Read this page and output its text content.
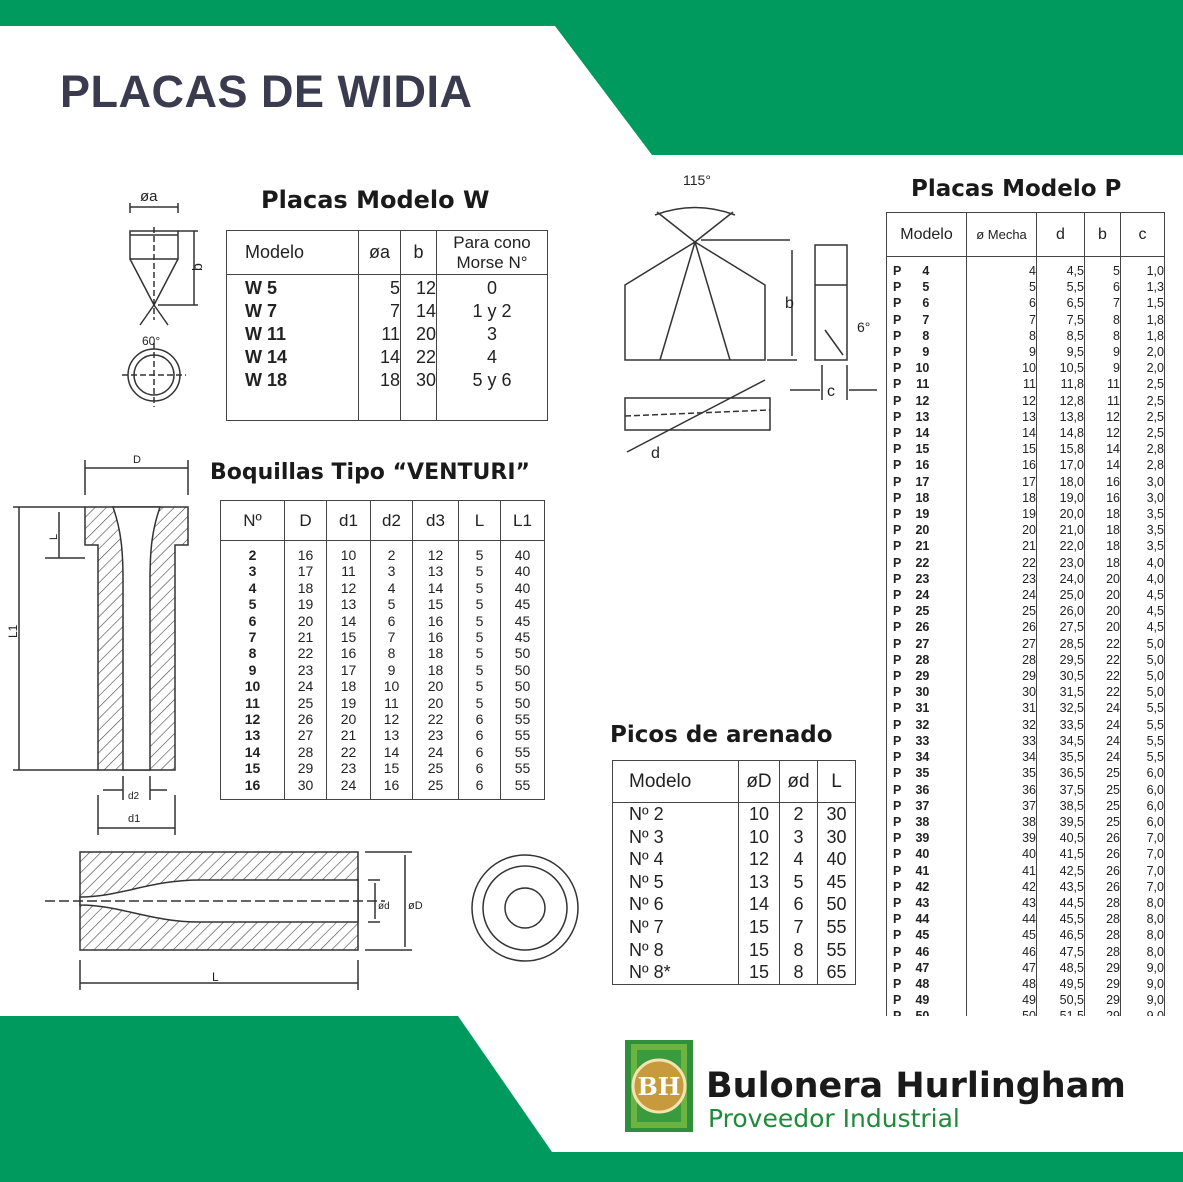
PLACAS DE WIDIA
øa
b
60°
Placas Modelo W
Modelo	øa	b	Para cono Morse N°
W 5	5	12	0
W 7	7	14	1 y 2
W 11	11	20	3
W 14	14	22	4
W 18	18	30	5 y 6
D
L
L1
d2
d1
Boquillas Tipo “VENTURI”
Nº	D	d1	d2	d3	L	L1
2	16	10	2	12	5	40
3	17	11	3	13	5	40
4	18	12	4	14	5	40
5	19	13	5	15	5	45
6	20	14	6	16	5	45
7	21	15	7	16	5	45
8	22	16	8	18	5	50
9	23	17	9	18	5	50
10	24	18	10	20	5	50
11	25	19	11	20	5	50
12	26	20	12	22	6	55
13	27	21	13	23	6	55
14	28	22	14	24	6	55
15	29	23	15	25	6	55
16	30	24	16	25	6	55
ød øD
L
Picos de arenado
Modelo	øD	ød	L
Nº 2	10	2	30
Nº 3	10	3	30
Nº 4	12	4	40
Nº 5	13	5	45
Nº 6	14	6	50
Nº 7	15	7	55
Nº 8	15	8	55
Nº 8*	15	8	65
115°
b
6°
c
d
Placas Modelo P
Modelo	ø Mecha	d	b	c
P 4	4	4,5	5	1,0
P 5	5	5,5	6	1,3
P 6	6	6,5	7	1,5
P 7	7	7,5	8	1,8
P 8	8	8,5	8	1,8
P 9	9	9,5	9	2,0
P 10	10	10,5	9	2,0
P 11	11	11,8	11	2,5
P 12	12	12,8	11	2,5
P 13	13	13,8	12	2,5
P 14	14	14,8	12	2,5
P 15	15	15,8	14	2,8
P 16	16	17,0	14	2,8
P 17	17	18,0	16	3,0
P 18	18	19,0	16	3,0
P 19	19	20,0	18	3,5
P 20	20	21,0	18	3,5
P 21	21	22,0	18	3,5
P 22	22	23,0	18	4,0
P 23	23	24,0	20	4,0
P 24	24	25,0	20	4,5
P 25	25	26,0	20	4,5
P 26	26	27,5	20	4,5
P 27	27	28,5	22	5,0
P 28	28	29,5	22	5,0
P 29	29	30,5	22	5,0
P 30	30	31,5	22	5,0
P 31	31	32,5	24	5,5
P 32	32	33,5	24	5,5
P 33	33	34,5	24	5,5
P 34	34	35,5	24	5,5
P 35	35	36,5	25	6,0
P 36	36	37,5	25	6,0
P 37	37	38,5	25	6,0
P 38	38	39,5	25	6,0
P 39	39	40,5	26	7,0
P 40	40	41,5	26	7,0
P 41	41	42,5	26	7,0
P 42	42	43,5	26	7,0
P 43	43	44,5	28	8,0
P 44	44	45,5	28	8,0
P 45	45	46,5	28	8,0
P 46	46	47,5	28	8,0
P 47	47	48,5	29	9,0
P 48	48	49,5	29	9,0
P 49	49	50,5	29	9,0

BH Bulonera Hurlingham
Proveedor Industrial
